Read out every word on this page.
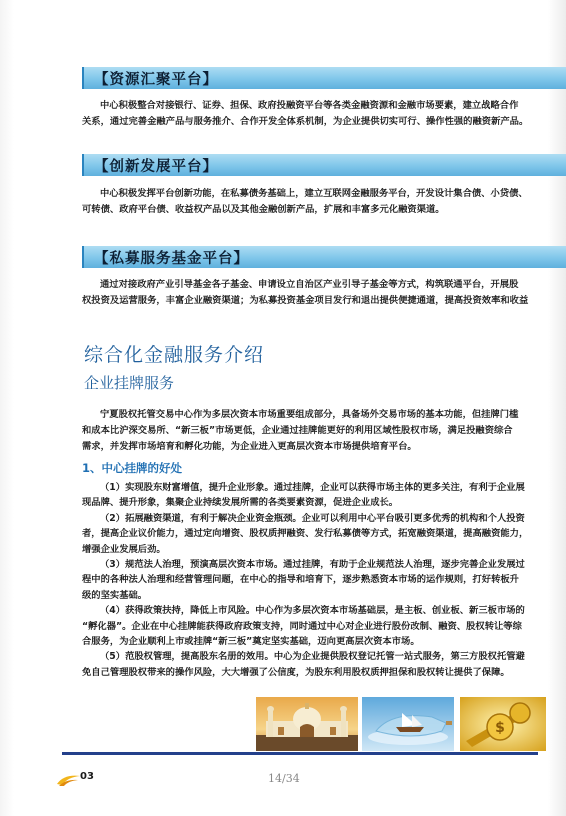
【资源汇聚平台】
中心积极整合对接银行、证券、担保、政府投融资平台等各类金融资源和金融市场要素，建立战略合作
关系，通过完善金融产品与服务推介、合作开发全体系机制，为企业提供切实可行、操作性强的融资新产品。
【创新发展平台】
中心积极发挥平台创新功能，在私募债务基础上，建立互联网金融服务平台，开发设计集合债、小贷债、
可转债、政府平台债、收益权产品以及其他金融创新产品，扩展和丰富多元化融资渠道。
【私募服务基金平台】
通过对接政府产业引导基金各子基金、申请设立自治区产业引导子基金等方式，构筑联通平台，开展股
权投资及运营服务，丰富企业融资渠道；为私募投资基金项目发行和退出提供便捷通道，提高投资效率和收益
综合化金融服务介绍
企业挂牌服务
宁夏股权托管交易中心作为多层次资本市场重要组成部分，具备场外交易市场的基本功能，但挂牌门槛
和成本比沪深交易所、“新三板”市场更低，企业通过挂牌能更好的利用区域性股权市场，满足投融资综合
需求，并发挥市场培育和孵化功能，为企业进入更高层次资本市场提供培育平台。
1、中心挂牌的好处
（1）实现股东财富增值，提升企业形象。通过挂牌，企业可以获得市场主体的更多关注，有利于企业展
现品牌、提升形象，集聚企业持续发展所需的各类要素资源，促进企业成长。
（2）拓展融资渠道，有利于解决企业资金瓶颈。企业可以利用中心平台吸引更多优秀的机构和个人投资
者，提高企业议价能力，通过定向增资、股权质押融资、发行私募债等方式，拓宽融资渠道，提高融资能力，
增强企业发展后劲。
（3）规范法人治理，预演高层次资本市场。通过挂牌，有助于企业规范法人治理，逐步完善企业发展过
程中的各种法人治理和经营管理问题，在中心的指导和培育下，逐步熟悉资本市场的运作规则，打好转板升
级的坚实基础。
（4）获得政策扶持，降低上市风险。中心作为多层次资本市场基础层，是主板、创业板、新三板市场的
“孵化器”。企业在中心挂牌能获得政府政策支持，同时通过中心对企业进行股份改制、融资、股权转让等综
合服务，为企业顺利上市或挂牌“新三板”奠定坚实基础，迈向更高层次资本市场。
（5）范股权管理，提高股东名册的效用。中心为企业提供股权登记托管一站式服务，第三方股权托管避
免自己管理股权带来的操作风险，大大增强了公信度，为股东利用股权质押担保和股权转让提供了保障。
$
03	14/34
